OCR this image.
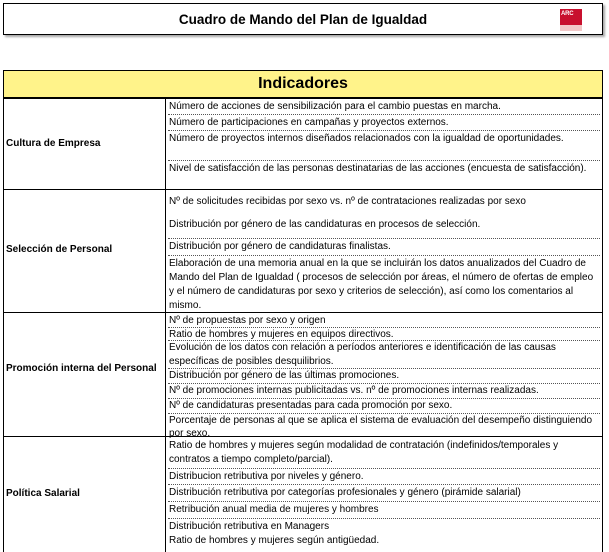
Cuadro de Mando del Plan de Igualdad	ARC
Indicadores
Cultura de Empresa
Número de acciones de sensibilización para el cambio puestas en marcha.
Número de participaciones en campañas y proyectos externos.
Número de proyectos internos diseñados relacionados con la igualdad de oportunidades.
Nivel de satisfacción de las personas destinatarias de las acciones (encuesta de satisfacción).
Selección de Personal
Nº de solicitudes recibidas por sexo vs. nº de contrataciones realizadas por sexo
Distribución por género de las candidaturas en procesos de selección.
Distribución por género de candidaturas finalistas.
Elaboración de una memoria anual en la que se incluirán los datos anualizados del Cuadro de Mando del Plan de Igualdad ( procesos de selección por áreas, el número de ofertas de empleo y el número de candidaturas por sexo y criterios de selección), así como los comentarios al mismo.
Promoción interna del Personal
Nº de propuestas por sexo y origen
Ratio de hombres y mujeres en equipos directivos.
Evolución de los datos con relación a períodos anteriores e identificación de las causas específicas de posibles desquilibrios.
Distribución por género de las últimas promociones.
Nº de promociones internas publicitadas vs. nº de promociones internas realizadas.
Nº de candidaturas presentadas para cada promoción por sexo.
Porcentaje de personas al que se aplica el sistema de evaluación del desempeño distinguiendo por sexo.
Política Salarial
Ratio de hombres y mujeres según modalidad de contratación (indefinidos/temporales y contratos a tiempo completo/parcial).
Distribucion retributiva por niveles y género.
Distribución retributiva por categorías profesionales y género (pirámide salarial)
Retribución anual media de mujeres y hombres
Distribución retributiva en Managers
Ratio de hombres y mujeres según antigüedad.
